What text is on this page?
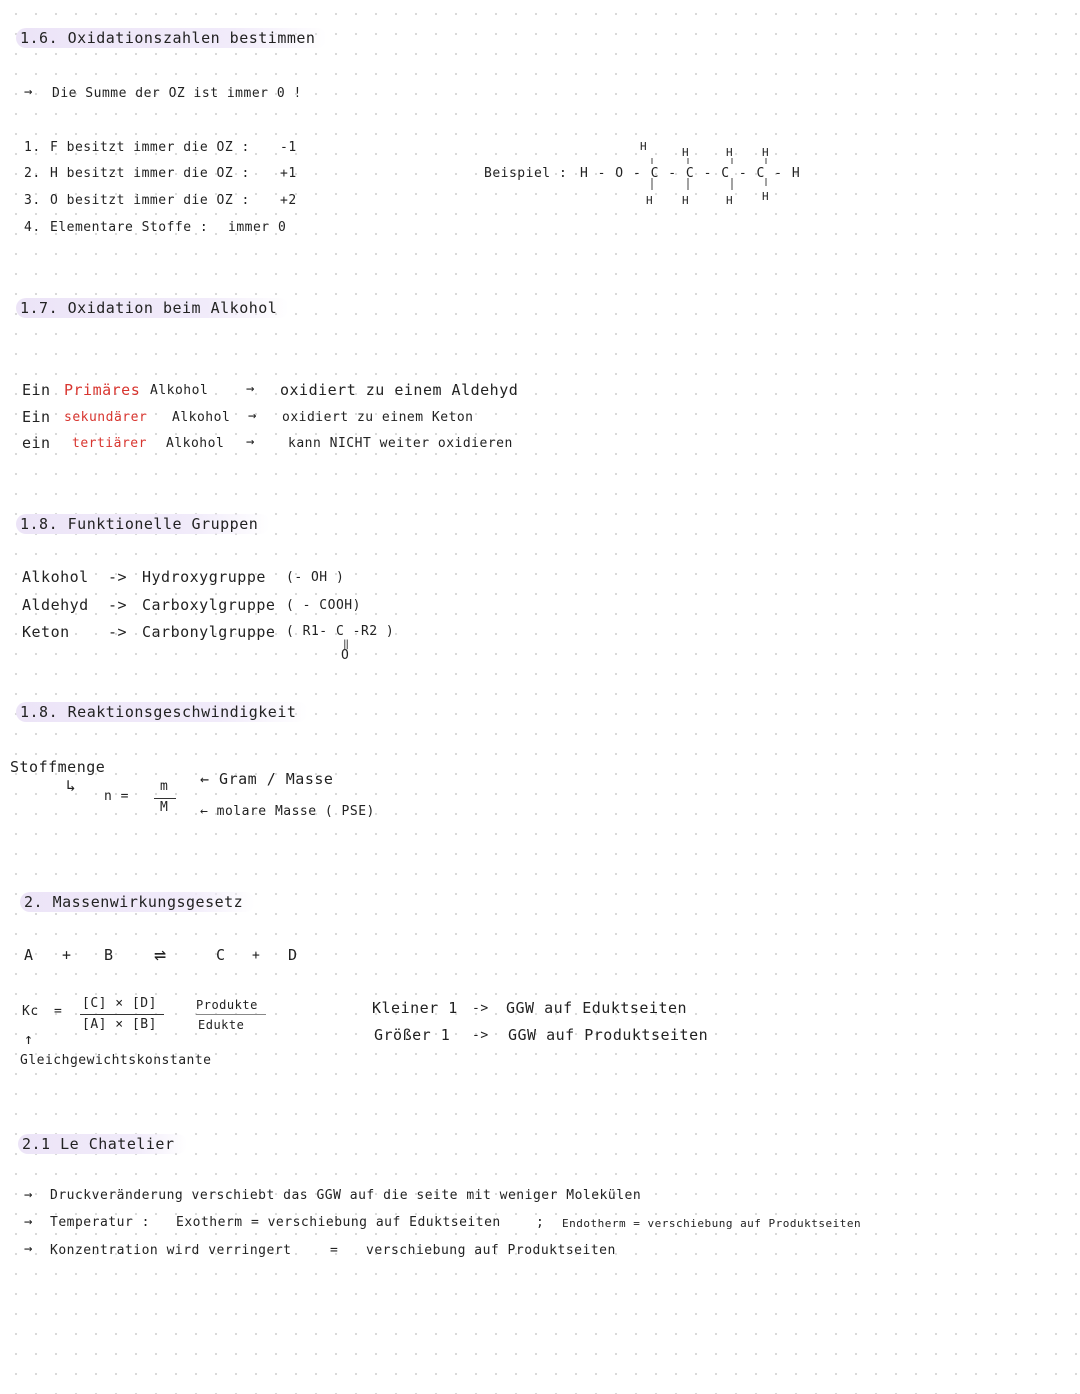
1.6. Oxidationszahlen bestimmen
→ Die Summe der OZ ist immer 0 !
1. F besitzt immer die OZ : -1
2. H besitzt immer die OZ : +1
3. O besitzt immer die OZ : +2
4. Elementare Stoffe : immer 0
Beispiel : H - O - C - C - C - C - H
H	H	H	H
H	H	H	H
1.7. Oxidation beim Alkohol
Ein Primäres Alkohol	→ oxidiert zu einem Aldehyd
Ein sekundärer Alkohol → oxidiert zu einem Keton
ein tertiärer Alkohol →	kann NICHT weiter oxidieren
1.8. Funktionelle Gruppen
Alkohol -> Hydroxygruppe (- OH )
Aldehyd -> Carboxylgruppe ( - COOH)
Keton	-> Carbonylgruppe ( R1- C -R2 )
‖
O
1.8. Reaktionsgeschwindigkeit
Stoffmenge
↳
n =
m
M
← Gram / Masse
← molare Masse ( PSE)
2. Massenwirkungsgesetz
A + B ⇌	C + D
Kc =
[C] × [D]
[A] × [B]
Produkte
Edukte
↑
Gleichgewichtskonstante
Kleiner 1 -> GGW auf Eduktseiten
Größer 1 -> GGW auf Produktseiten
2.1 Le Chatelier
→ Druckveränderung verschiebt das GGW auf die seite mit weniger Molekülen
→ Temperatur : Exotherm = verschiebung auf Eduktseiten	; Endotherm = verschiebung auf Produktseiten
→ Konzentration wird verringert	= verschiebung auf Produktseiten
